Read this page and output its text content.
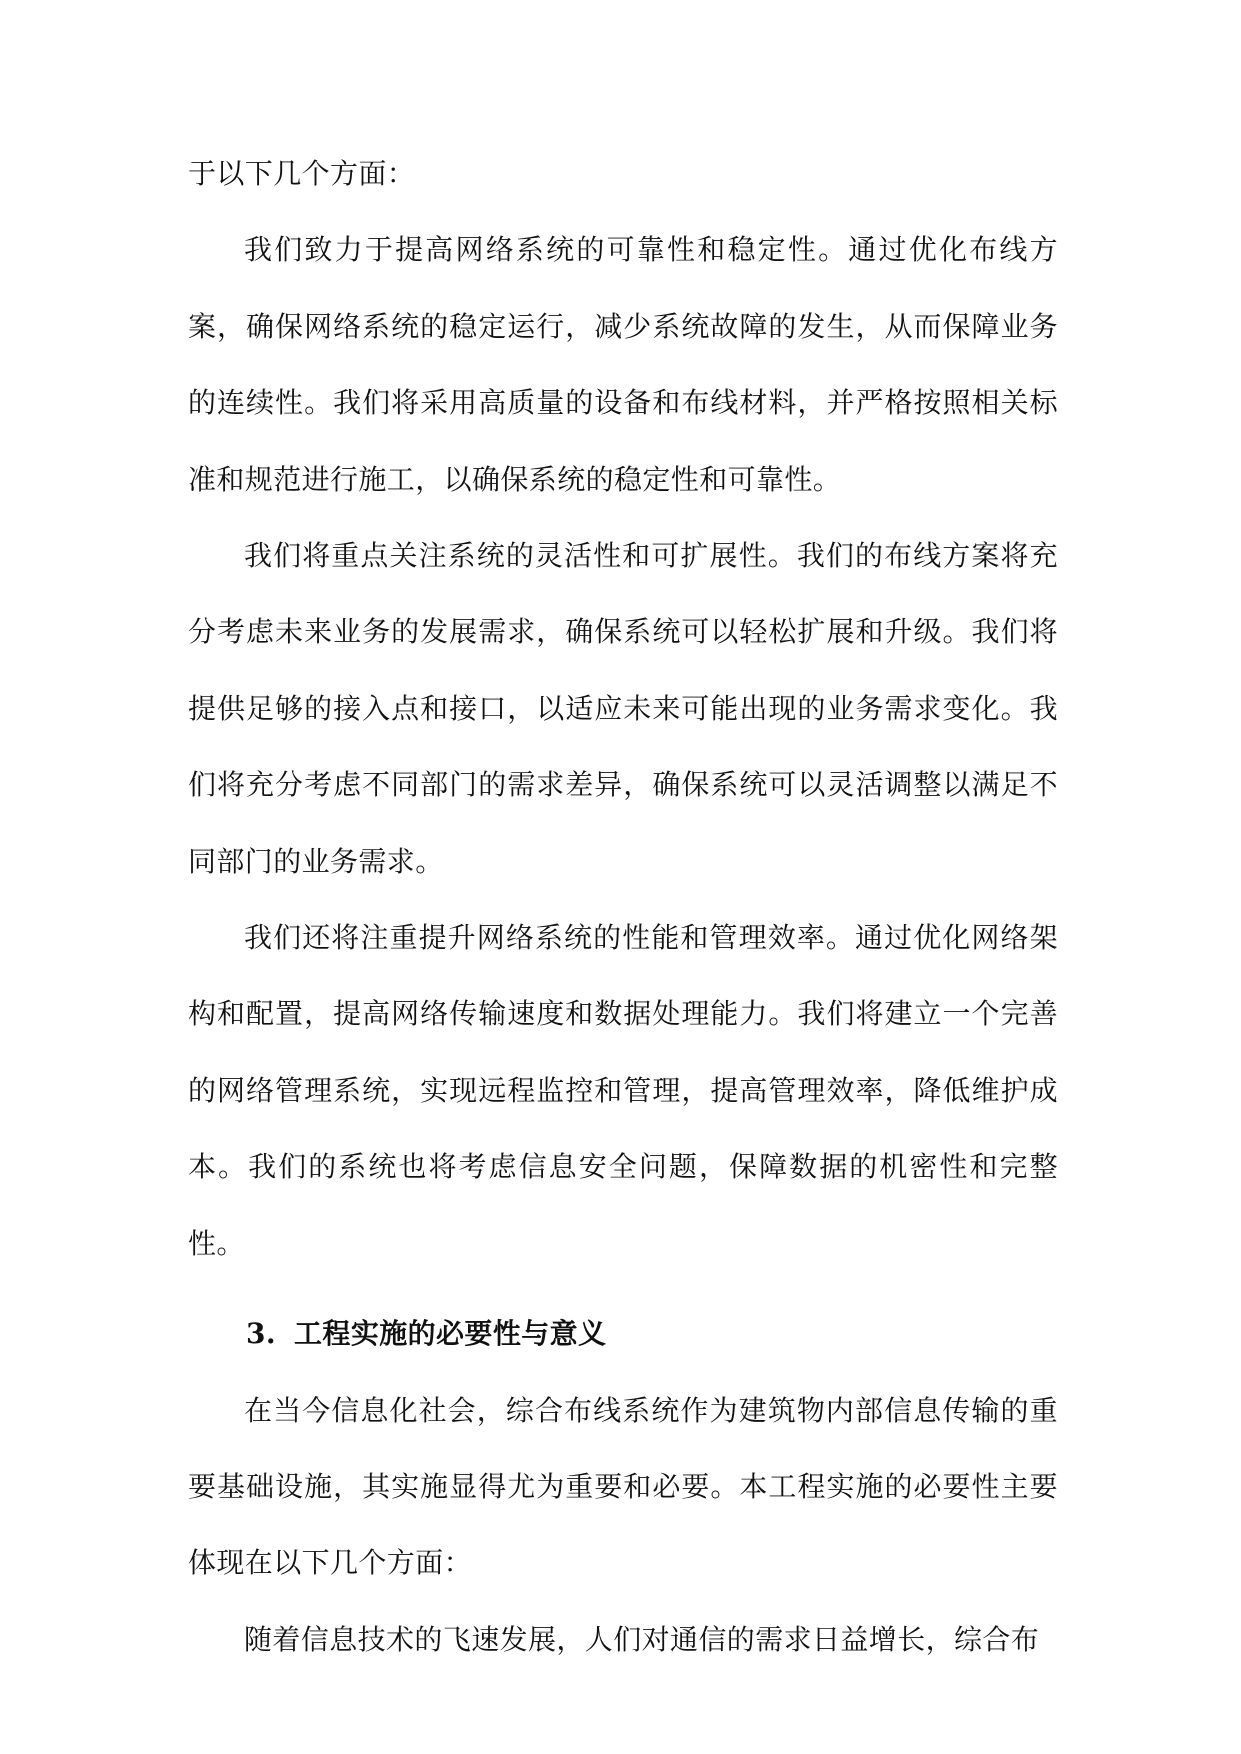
于以下几个方面：

我们致力于提高网络系统的可靠性和稳定性。通过优化布线方案，确保网络系统的稳定运行，减少系统故障的发生，从而保障业务的连续性。我们将采用高质量的设备和布线材料，并严格按照相关标准和规范进行施工，以确保系统的稳定性和可靠性。

我们将重点关注系统的灵活性和可扩展性。我们的布线方案将充分考虑未来业务的发展需求，确保系统可以轻松扩展和升级。我们将提供足够的接入点和接口，以适应未来可能出现的业务需求变化。我们将充分考虑不同部门的需求差异，确保系统可以灵活调整以满足不同部门的业务需求。

我们还将注重提升网络系统的性能和管理效率。通过优化网络架构和配置，提高网络传输速度和数据处理能力。我们将建立一个完善的网络管理系统，实现远程监控和管理，提高管理效率，降低维护成本。我们的系统也将考虑信息安全问题，保障数据的机密性和完整性。

3. 工程实施的必要性与意义

在当今信息化社会，综合布线系统作为建筑物内部信息传输的重要基础设施，其实施显得尤为重要和必要。本工程实施的必要性主要体现在以下几个方面：

随着信息技术的飞速发展，人们对通信的需求日益增长，综合布
